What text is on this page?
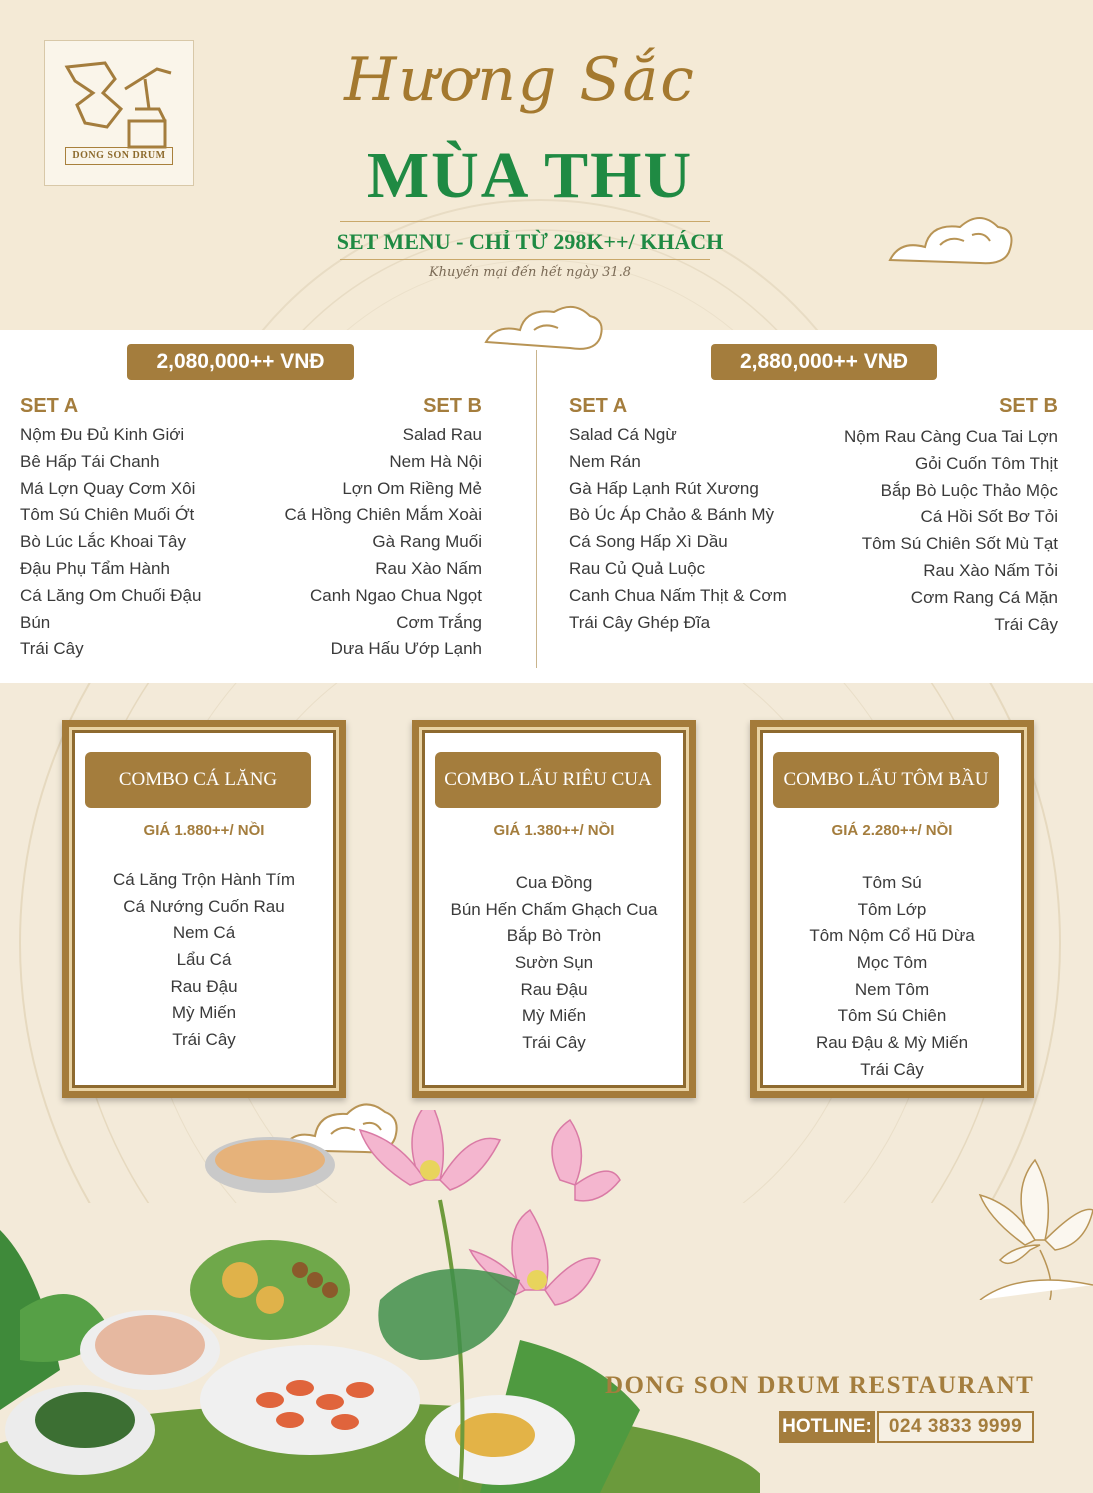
DONG SON DRUM
Hương Sắc
MÙA THU
SET MENU - CHỈ TỪ 298K++/ KHÁCH
Khuyến mại đến hết ngày 31.8
2,080,000++ VNĐ	2,880,000++ VNĐ
SET A	SET B	SET A	SET B
Nộm Đu Đủ Kinh Giới
Bê Hấp Tái Chanh
Má Lợn Quay Cơm Xôi
Tôm Sú Chiên Muối Ớt
Bò Lúc Lắc Khoai Tây
Đậu Phụ Tẩm Hành
Cá Lăng Om Chuối Đậu
Bún
Trái Cây
Salad Rau
Nem Hà Nội
Lợn Om Riềng Mẻ
Cá Hồng Chiên Mắm Xoài
Gà Rang Muối
Rau Xào Nấm
Canh Ngao Chua Ngọt
Cơm Trắng
Dưa Hấu Ướp Lạnh
Salad Cá Ngừ
Nem Rán
Gà Hấp Lạnh Rút Xương
Bò Úc Áp Chảo & Bánh Mỳ
Cá Song Hấp Xì Dầu
Rau Củ Quả Luộc
Canh Chua Nấm Thịt & Cơm
Trái Cây Ghép Đĩa
Nộm Rau Càng Cua Tai Lợn
Gỏi Cuốn Tôm Thịt
Bắp Bò Luộc Thảo Mộc
Cá Hồi Sốt Bơ Tỏi
Tôm Sú Chiên Sốt Mù Tạt
Rau Xào Nấm Tỏi
Cơm Rang Cá Mặn
Trái Cây
COMBO CÁ LĂNG
GIÁ 1.880++/ NỒI
Cá Lăng Trộn Hành Tím
Cá Nướng Cuốn Rau
Nem Cá
Lẩu Cá
Rau Đậu
Mỳ Miến
Trái Cây
COMBO LẨU RIÊU CUA
GIÁ 1.380++/ NỒI
Cua Đồng
Bún Hến Chấm Ghạch Cua
Bắp Bò Tròn
Sườn Sụn
Rau Đậu
Mỳ Miến
Trái Cây
COMBO LẨU TÔM BẦU
GIÁ 2.280++/ NỒI
Tôm Sú
Tôm Lớp
Tôm Nộm Cổ Hũ Dừa
Mọc Tôm
Nem Tôm
Tôm Sú Chiên
Rau Đậu & Mỳ Miến
Trái Cây
DONG SON DRUM RESTAURANT
HOTLINE: 024 3833 9999
